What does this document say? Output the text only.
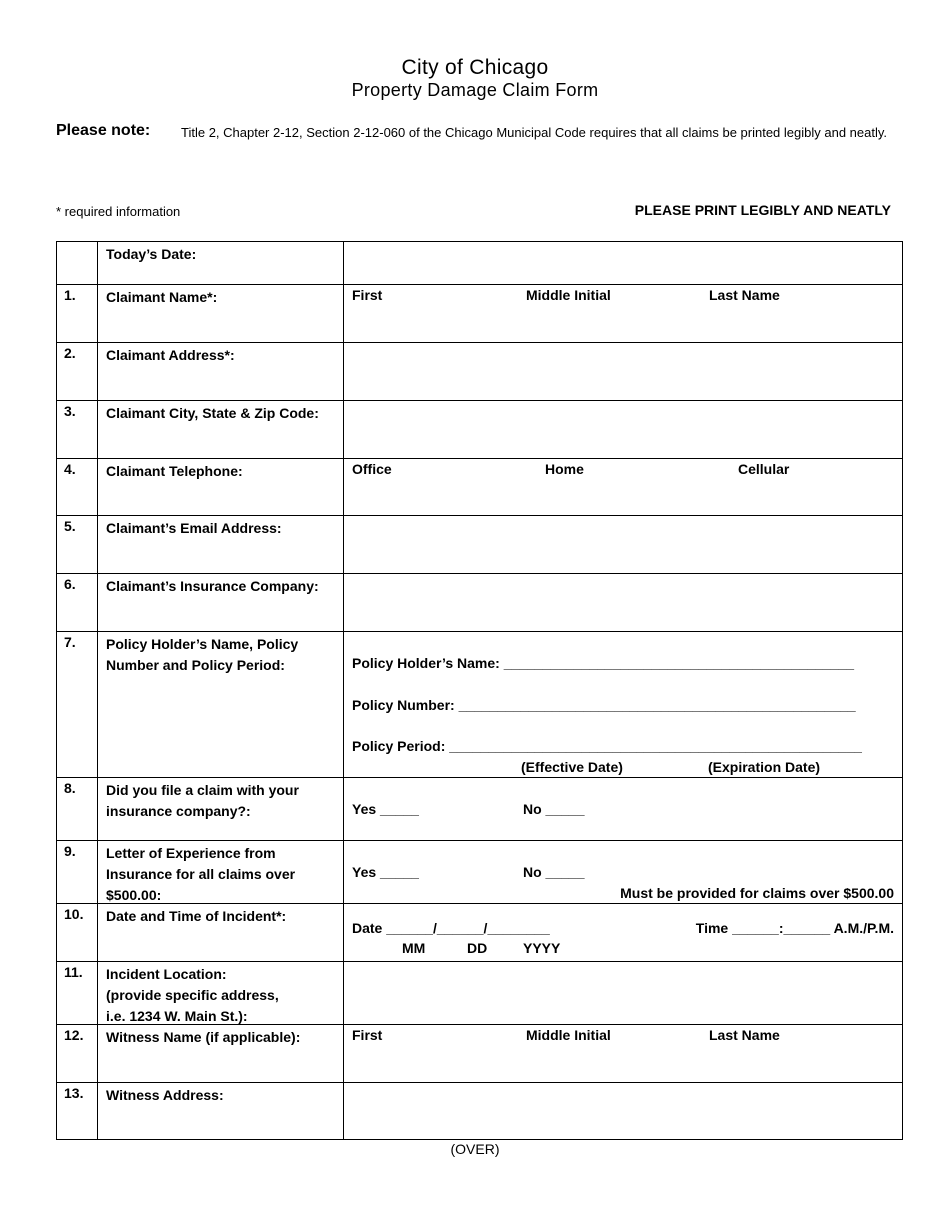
City of Chicago
Property Damage Claim Form
Please note: Title 2, Chapter 2-12, Section 2-12-060 of the Chicago Municipal Code requires that all claims be printed legibly and neatly.
* required information	PLEASE PRINT LEGIBLY AND NEATLY

	Today’s Date:	

1.	Claimant Name*:	First Middle Initial Last Name

2.	Claimant Address*:	

3.	Claimant City, State & Zip Code:	

4.	Claimant Telephone:	Office Home Cellular

5.	Claimant’s Email Address:	

6.	Claimant’s Insurance Company:	

7.	Policy Holder’s Name, Policy
Number and Policy Period:	Policy Holder’s Name: _____________________________________________
Policy Number: ___________________________________________________
Policy Period: _____________________________________________________
(Effective Date) (Expiration Date)

8.	Did you file a claim with your
insurance company?:	Yes _____ No _____

9.	Letter of Experience from
Insurance for all claims over
$500.00:	Yes _____ No _____
Must be provided for claims over $500.00

10.	Date and Time of Incident*:	Date ______/______/________ Time ______:______ A.M./P.M.
MM DD YYYY

11.	Incident Location:
(provide specific address,
i.e. 1234 W. Main St.):	

12.	Witness Name (if applicable):	First Middle Initial Last Name

13.	Witness Address:	

(OVER)
